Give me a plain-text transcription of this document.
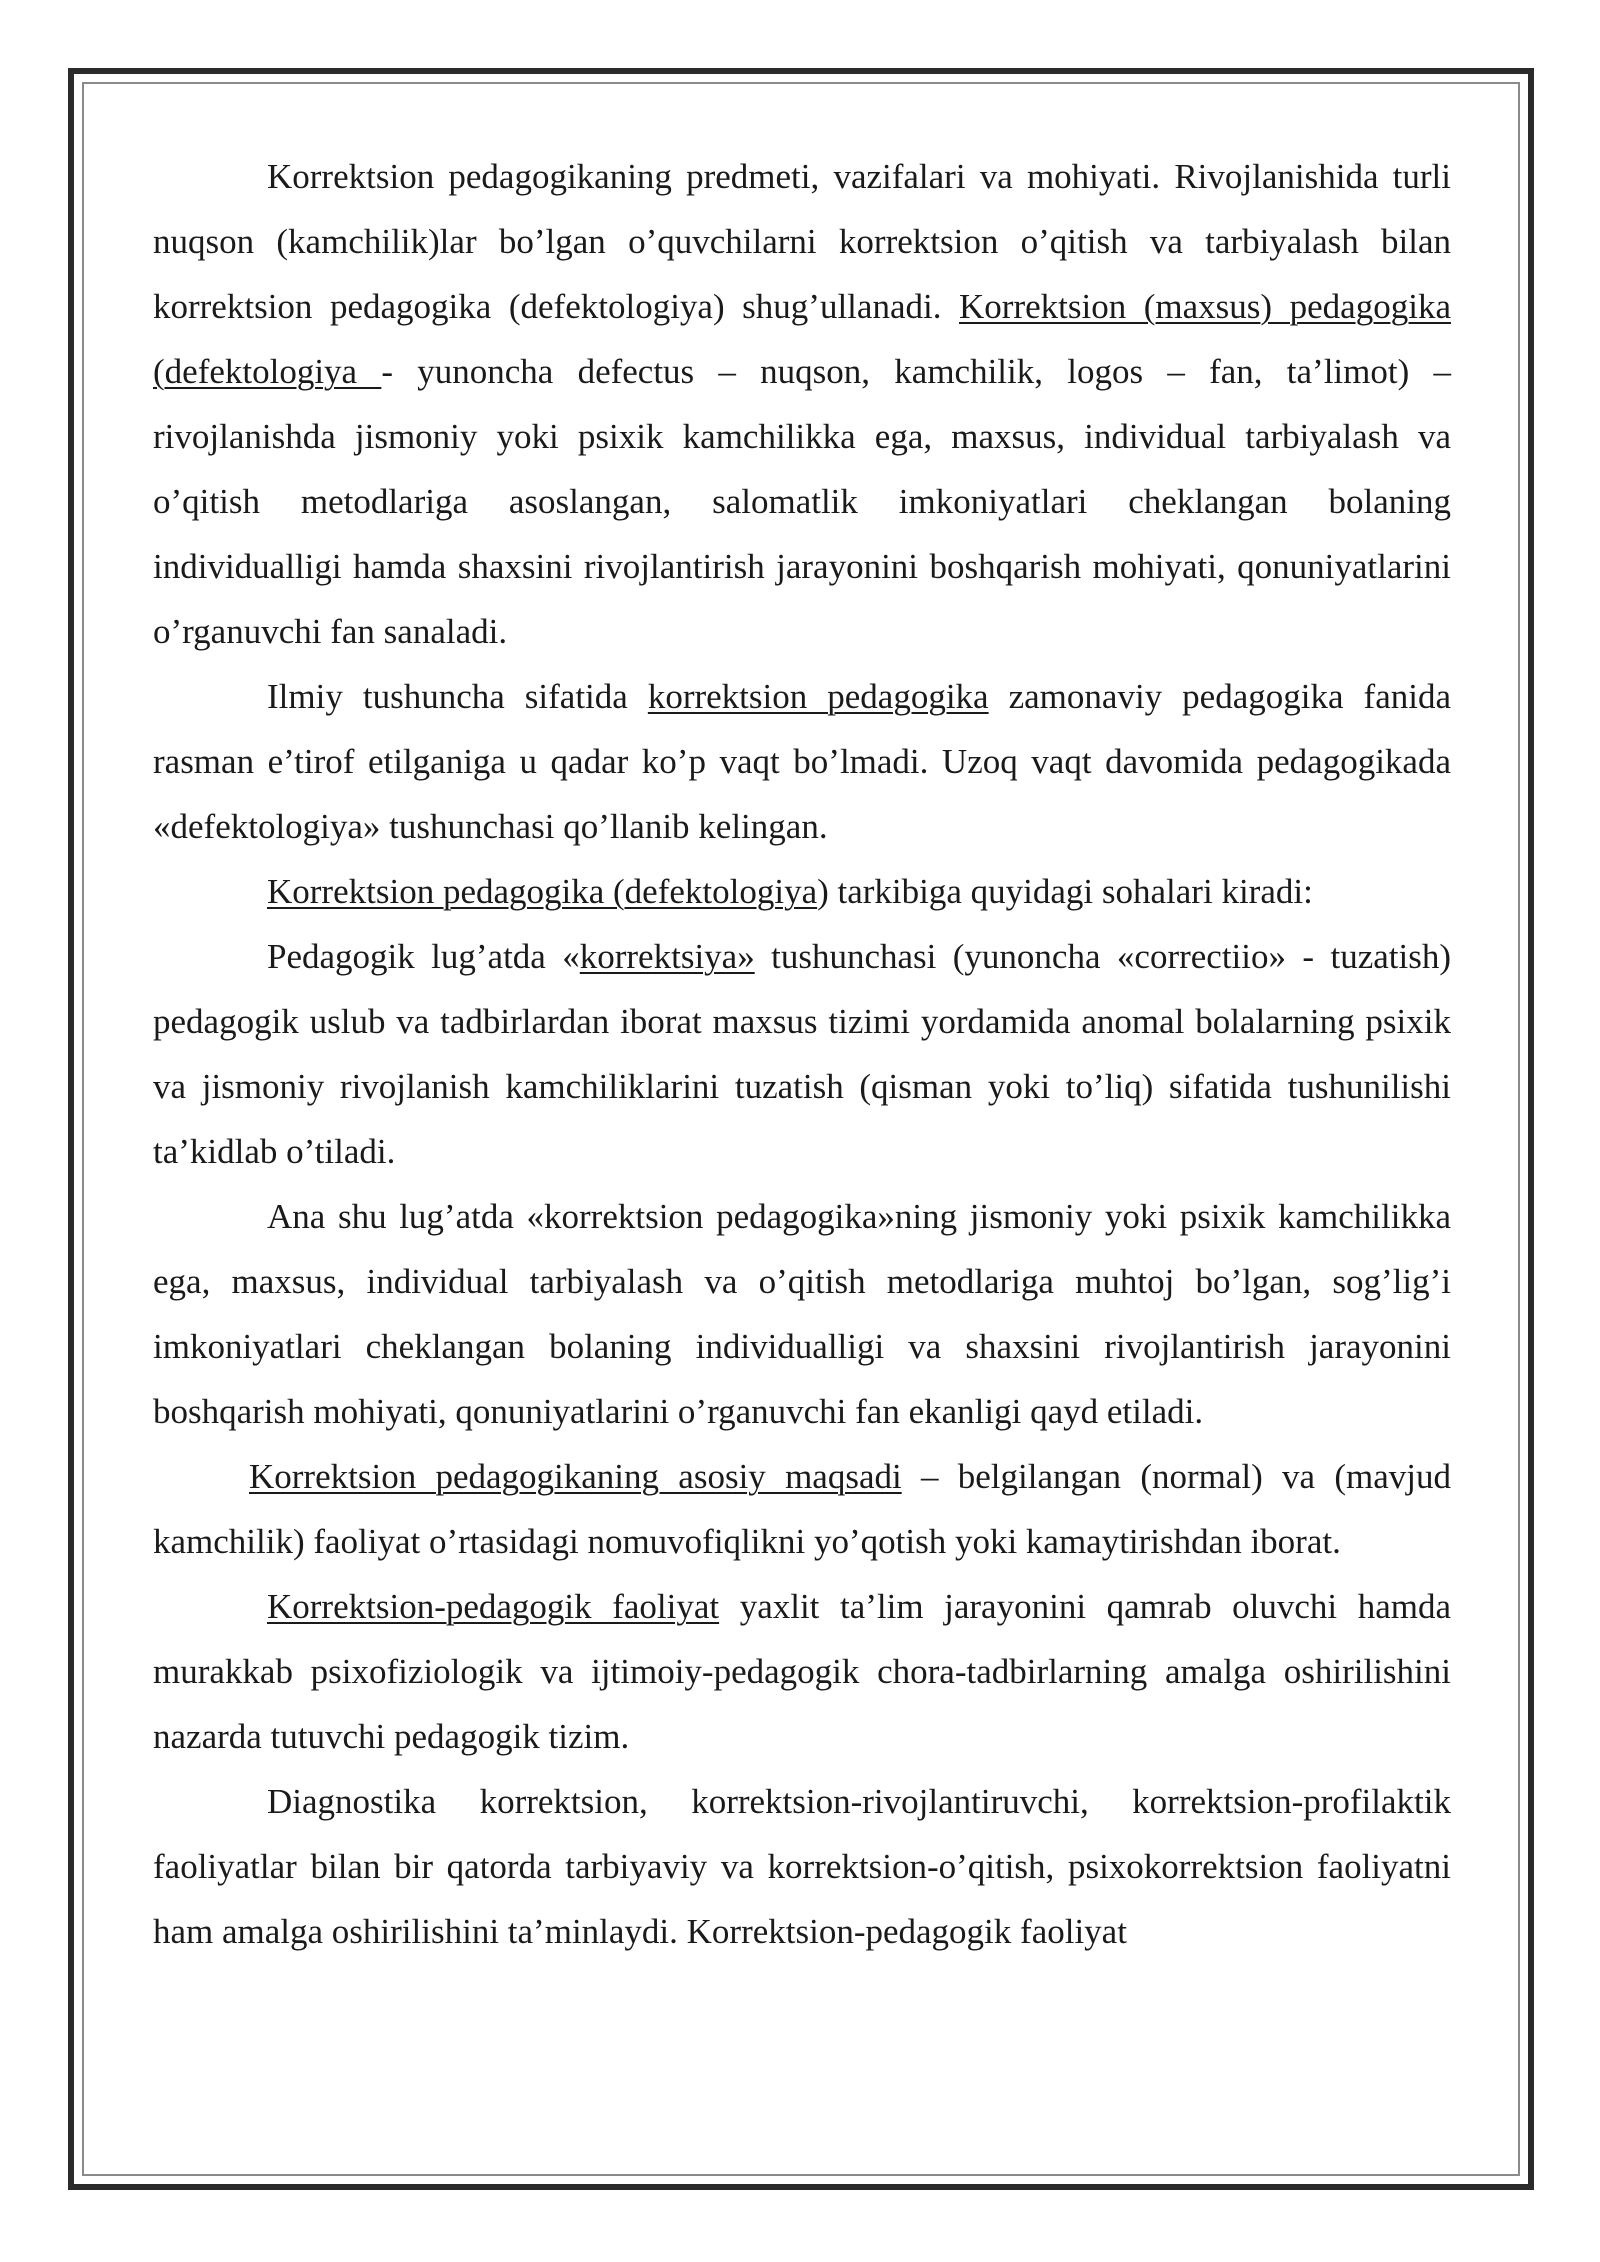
Korrektsion pedagogikaning predmeti, vazifalari va mohiyati. Rivojlanishida turli nuqson (kamchilik)lar bo’lgan o’quvchilarni korrektsion o’qitish va tarbiyalash bilan korrektsion pedagogika (defektologiya) shug’ullanadi. Korrektsion (maxsus) pedagogika (defektologiya - yunoncha defectus – nuqson, kamchilik, logos – fan, ta’limot) – rivojlanishda jismoniy yoki psixik kamchilikka ega, maxsus, individual tarbiyalash va o’qitish metodlariga asoslangan, salomatlik imkoniyatlari cheklangan bolaning individualligi hamda shaxsini rivojlantirish jarayonini boshqarish mohiyati, qonuniyatlarini o’rganuvchi fan sanaladi.

Ilmiy tushuncha sifatida korrektsion pedagogika zamonaviy pedagogika fanida rasman e’tirof etilganiga u qadar ko’p vaqt bo’lmadi. Uzoq vaqt davomida pedagogikada «defektologiya» tushunchasi qo’llanib kelingan.

Korrektsion pedagogika (defektologiya) tarkibiga quyidagi sohalari kiradi:

Pedagogik lug’atda «korrektsiya» tushunchasi (yunoncha «correctiio» - tuzatish) pedagogik uslub va tadbirlardan iborat maxsus tizimi yordamida anomal bolalarning psixik va jismoniy rivojlanish kamchiliklarini tuzatish (qisman yoki to’liq) sifatida tushunilishi ta’kidlab o’tiladi.

Ana shu lug’atda «korrektsion pedagogika»ning jismoniy yoki psixik kamchilikka ega, maxsus, individual tarbiyalash va o’qitish metodlariga muhtoj bo’lgan, sog’lig’i imkoniyatlari cheklangan bolaning individualligi va shaxsini rivojlantirish jarayonini boshqarish mohiyati, qonuniyatlarini o’rganuvchi fan ekanligi qayd etiladi.

Korrektsion pedagogikaning asosiy maqsadi – belgilangan (normal) va (mavjud kamchilik) faoliyat o’rtasidagi nomuvofiqlikni yo’qotish yoki kamaytirishdan iborat.

Korrektsion-pedagogik faoliyat yaxlit ta’lim jarayonini qamrab oluvchi hamda murakkab psixofiziologik va ijtimoiy-pedagogik chora-tadbirlarning amalga oshirilishini nazarda tutuvchi pedagogik tizim.

Diagnostika korrektsion, korrektsion-rivojlantiruvchi, korrektsion-profilaktik faoliyatlar bilan bir qatorda tarbiyaviy va korrektsion-o’qitish, psixokorrektsion faoliyatni ham amalga oshirilishini ta’minlaydi. Korrektsion-pedagogik faoliyat
